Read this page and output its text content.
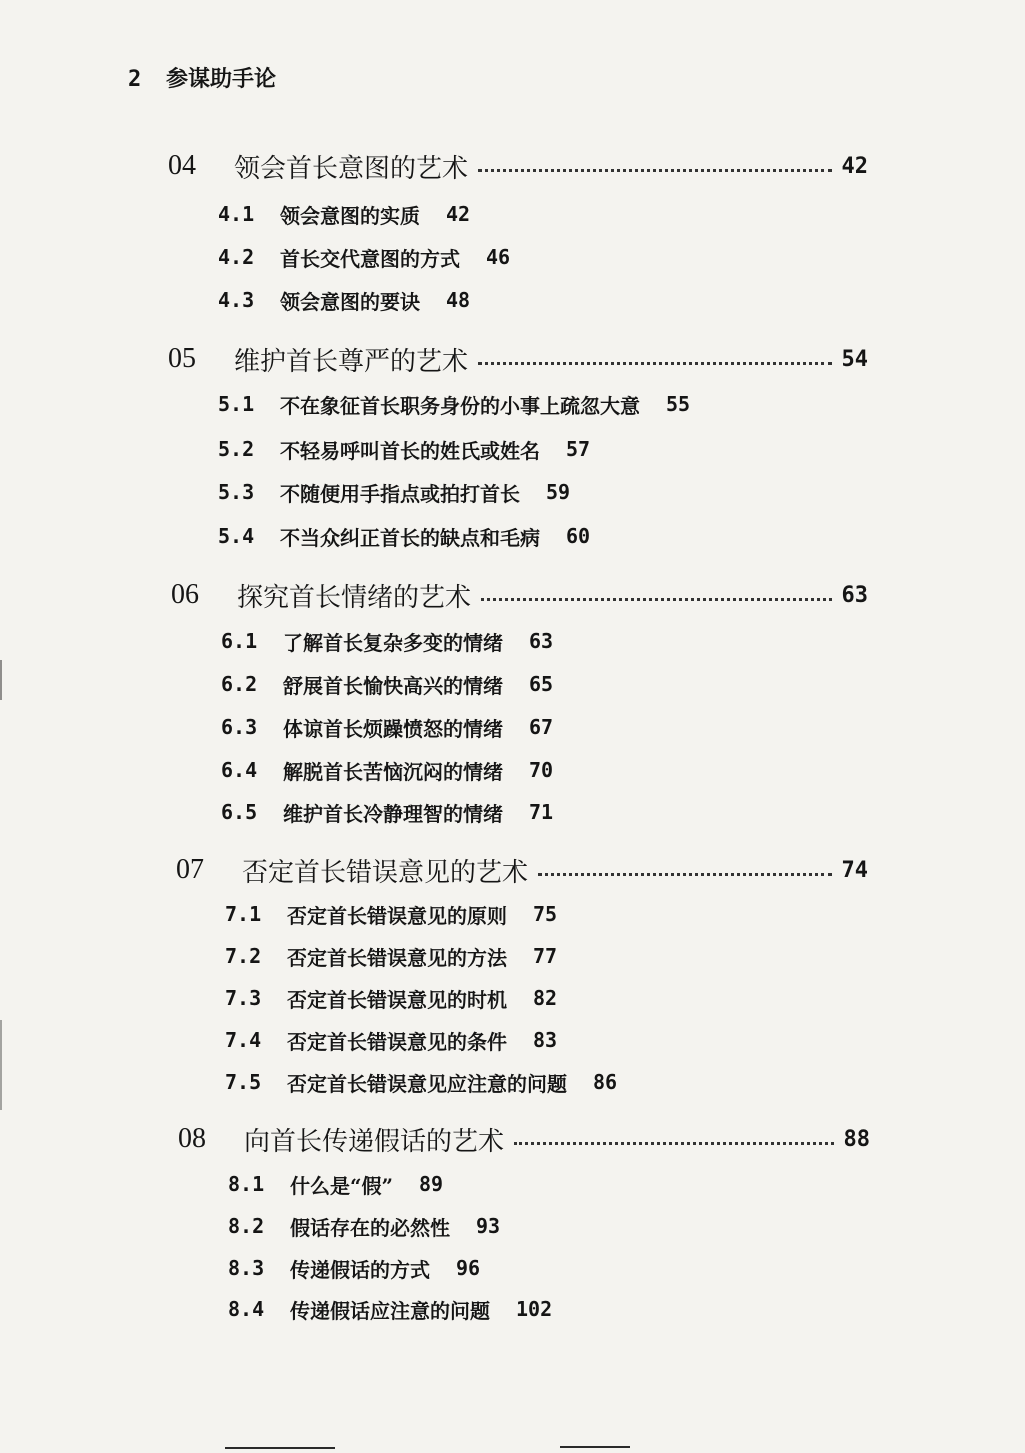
2 参谋助手论
04	领会首长意图的艺术	42
4.1	领会意图的实质 42
4.2	首长交代意图的方式 46
4.3	领会意图的要诀 48
05	维护首长尊严的艺术	54
5.1	不在象征首长职务身份的小事上疏忽大意 55
5.2	不轻易呼叫首长的姓氏或姓名 57
5.3	不随便用手指点或拍打首长 59
5.4	不当众纠正首长的缺点和毛病 60
06	探究首长情绪的艺术	63
6.1	了解首长复杂多变的情绪 63
6.2	舒展首长愉快高兴的情绪 65
6.3	体谅首长烦躁愤怒的情绪 67
6.4	解脱首长苦恼沉闷的情绪 70
6.5	维护首长冷静理智的情绪 71
07	否定首长错误意见的艺术	74
7.1	否定首长错误意见的原则 75
7.2	否定首长错误意见的方法 77
7.3	否定首长错误意见的时机 82
7.4	否定首长错误意见的条件 83
7.5	否定首长错误意见应注意的问题 86
08	向首长传递假话的艺术	88
8.1	什么是“假” 89
8.2	假话存在的必然性 93
8.3	传递假话的方式 96
8.4	传递假话应注意的问题 102
